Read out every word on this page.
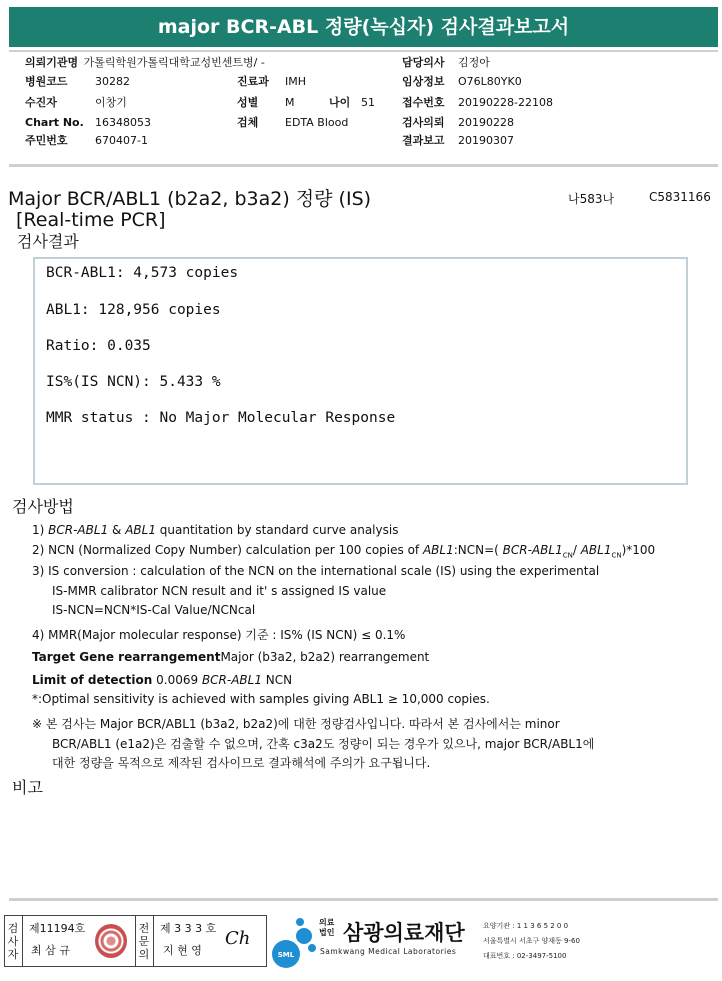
major BCR-ABL 정량(녹십자) 검사결과보고서
의뢰기관명 가톨릭학원가톨릭대학교성빈센트병/ -
병원코드 30282
수진자	이창기
Chart No. 16348053
주민번호 670407-1
진료과 IMH
성별 M	나이 51
검체 EDTA Blood
담당의사 김정아
임상정보 O76L80YK0
접수번호 20190228-22108
검사의뢰 20190228
결과보고 20190307
Major BCR/ABL1 (b2a2, b3a2) 정량 (IS)
[Real-time PCR]
나583나	C5831166
검사결과
BCR-ABL1: 4,573 copies
ABL1: 128,956 copies
Ratio: 0.035
IS%(IS NCN): 5.433 %
MMR status : No Major Molecular Response
검사방법
1) BCR-ABL1 & ABL1 quantitation by standard curve analysis
2) NCN (Normalized Copy Number) calculation per 100 copies of ABL1:NCN=( BCR-$ABL1_{CN}/$ $ABL1_{CN})*100$
3) IS conversion : calculation of the NCN on the international scale (IS) using the experimental
IS-MMR calibrator NCN result and it' s assigned IS value
IS-NCN=NCN*IS-Cal Value/NCNcal
4) MMR(Major molecular response) 기준 : IS% (IS NCN) ≤ 0.1%
Target Gene rearrangementMajor (b3a2, b2a2) rearrangement
Limit of detection 0.0069 BCR-ABL1 NCN
*:Optimal sensitivity is achieved with samples giving ABL1 ≥ 10,000 copies.
※ 본 검사는 Major BCR/ABL1 (b3a2, b2a2)에 대한 정량검사입니다. 따라서 본 검사에서는 minor
BCR/ABL1 (e1a2)은 검출할 수 없으며, 간혹 c3a2도 정량이 되는 경우가 있으나, major BCR/ABL1에
대한 정량을 목적으로 제작된 검사이므로 결과해석에 주의가 요구됩니다.
비고
검사자
제11194호
최 삼 규
전문의
제 3 3 3 호
지 현 영
Ch
SML
의료 법인 삼광의료재단
Samkwang Medical Laboratories
요양기관 : 1 1 3 6 5 2 0 0
서울특별시 서초구 양재동 9-60
대표번호 : 02-3497-5100
